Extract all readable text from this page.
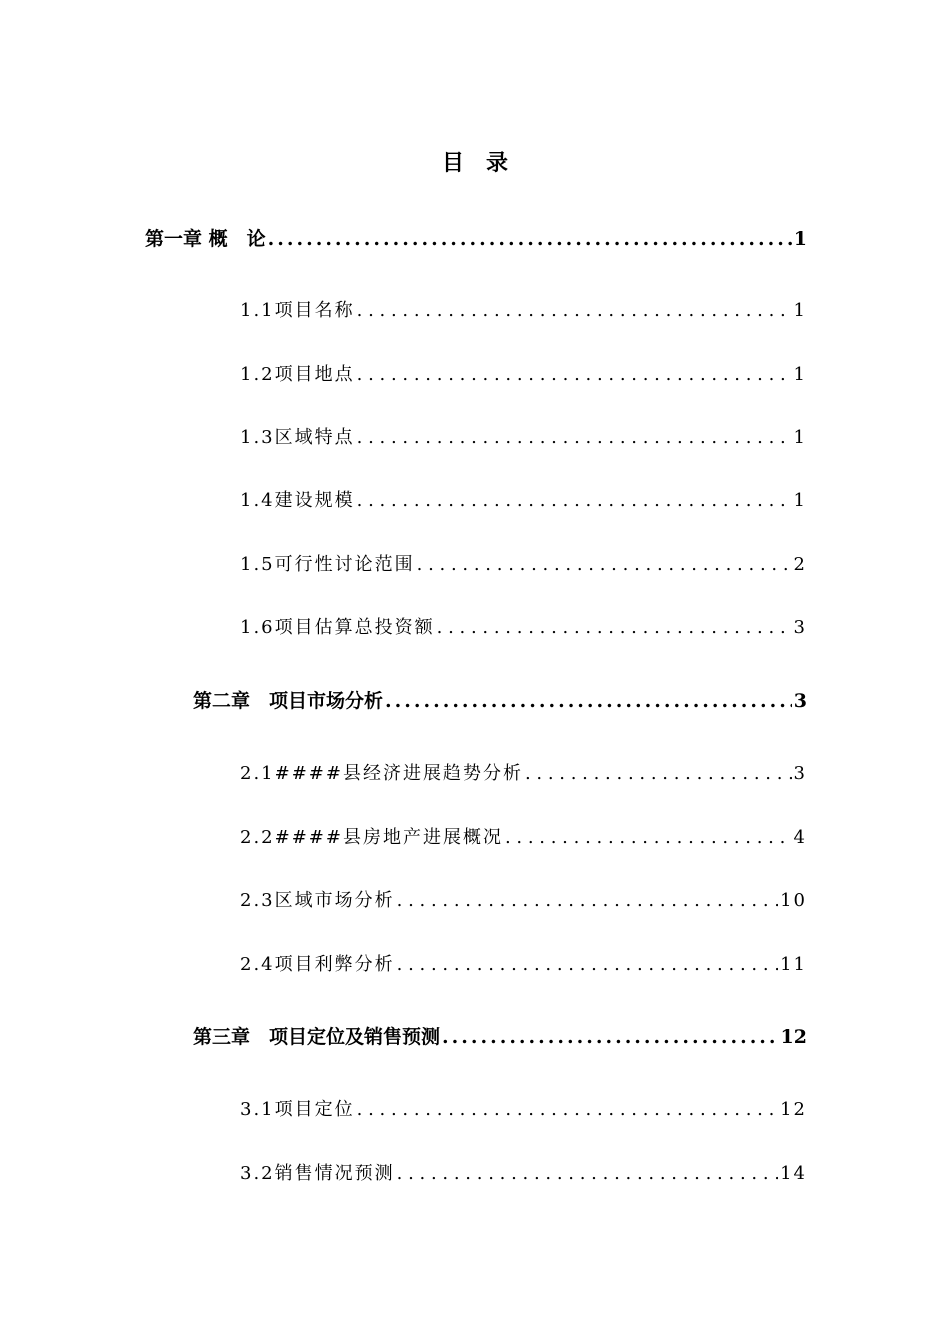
目　录
第一章 概　论 .....	1
1.1项目名称 . . .	1
1.2项目地点 . . .	1
1.3区域特点 . . .	1
1.4建设规模 . . .	1
1.5可行性讨论范围 . . .	2
1.6项目估算总投资额 . . .	3
第二章　项目市场分析 .....	3
2.1####县经济进展趋势分析 . . .	3
2.2####县房地产进展概况 . . .	4
2.3区域市场分析 . . .	10
2.4项目利弊分析 . . .	11
第三章　项目定位及销售预测 .....	12
3.1项目定位 . . .	12
3.2销售情况预测 . . .	14
